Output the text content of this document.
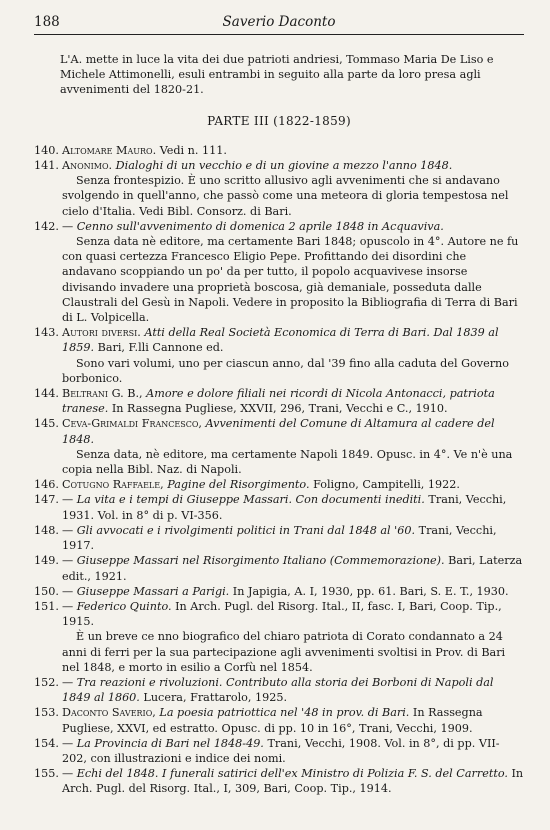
188	Saverio Daconto
L'A. mette in luce la vita dei due patrioti andriesi, Tommaso Maria De Liso e Michele Attimonelli, esuli entrambi in seguito alla parte da loro presa agli avvenimenti del 1820-21.
PARTE III (1822-1859)
140. Altomare Mauro. Vedi n. 111.
141. Anonimo. Dialoghi di un vecchio e di un giovine a mezzo l'anno 1848.
Senza frontespizio. È uno scritto allusivo agli avvenimenti che si andavano svolgendo in quell'anno, che passò come una meteora di gloria tempestosa nel cielo d'Italia. Vedi Bibl. Consorz. di Bari.
142. — Cenno sull'avvenimento di domenica 2 aprile 1848 in Acquaviva.
Senza data nè editore, ma certamente Bari 1848; opuscolo in 4°. Autore ne fu con quasi certezza Francesco Eligio Pepe. Profittando dei disordini che andavano scoppiando un po' da per tutto, il popolo acquavivese insorse divisando invadere una proprietà boscosa, già demaniale, posseduta dalle Claustrali del Gesù in Napoli. Vedere in proposito la Bibliografia di Terra di Bari di L. Volpicella.
143. Autori diversi. Atti della Real Società Economica di Terra di Bari. Dal 1839 al 1859. Bari, F.lli Cannone ed.
Sono vari volumi, uno per ciascun anno, dal '39 fino alla caduta del Governo borbonico.
144. Beltrani G. B., Amore e dolore filiali nei ricordi di Nicola Antonacci, patriota tranese. In Rassegna Pugliese, XXVII, 296, Trani, Vecchi e C., 1910.
145. Ceva-Grimaldi Francesco, Avvenimenti del Comune di Altamura al cadere del 1848.
Senza data, nè editore, ma certamente Napoli 1849. Opusc. in 4°. Ve n'è una copia nella Bibl. Naz. di Napoli.
146. Cotugno Raffaele, Pagine del Risorgimento. Foligno, Campitelli, 1922.
147. — La vita e i tempi di Giuseppe Massari. Con documenti inediti. Trani, Vecchi, 1931. Vol. in 8° di p. VI-356.
148. — Gli avvocati e i rivolgimenti politici in Trani dal 1848 al '60. Trani, Vecchi, 1917.
149. — Giuseppe Massari nel Risorgimento Italiano (Commemorazione). Bari, Laterza edit., 1921.
150. — Giuseppe Massari a Parigi. In Japigia, A. I, 1930, pp. 61. Bari, S. E. T., 1930.
151. — Federico Quinto. In Arch. Pugl. del Risorg. Ital., II, fasc. I, Bari, Coop. Tip., 1915.
È un breve ce nno biografico del chiaro patriota di Corato condannato a 24 anni di ferri per la sua partecipazione agli avvenimenti svoltisi in Prov. di Bari nel 1848, e morto in esilio a Corfù nel 1854.
152. — Tra reazioni e rivoluzioni. Contributo alla storia dei Borboni di Napoli dal 1849 al 1860. Lucera, Frattarolo, 1925.
153. Daconto Saverio, La poesia patriottica nel '48 in prov. di Bari. In Rassegna Pugliese, XXVI, ed estratto. Opusc. di pp. 10 in 16°, Trani, Vecchi, 1909.
154. — La Provincia di Bari nel 1848-49. Trani, Vecchi, 1908. Vol. in 8°, di pp. VII-202, con illustrazioni e indice dei nomi.
155. — Echi del 1848. I funerali satirici dell'ex Ministro di Polizia F. S. del Carretto. In Arch. Pugl. del Risorg. Ital., I, 309, Bari, Coop. Tip., 1914.
